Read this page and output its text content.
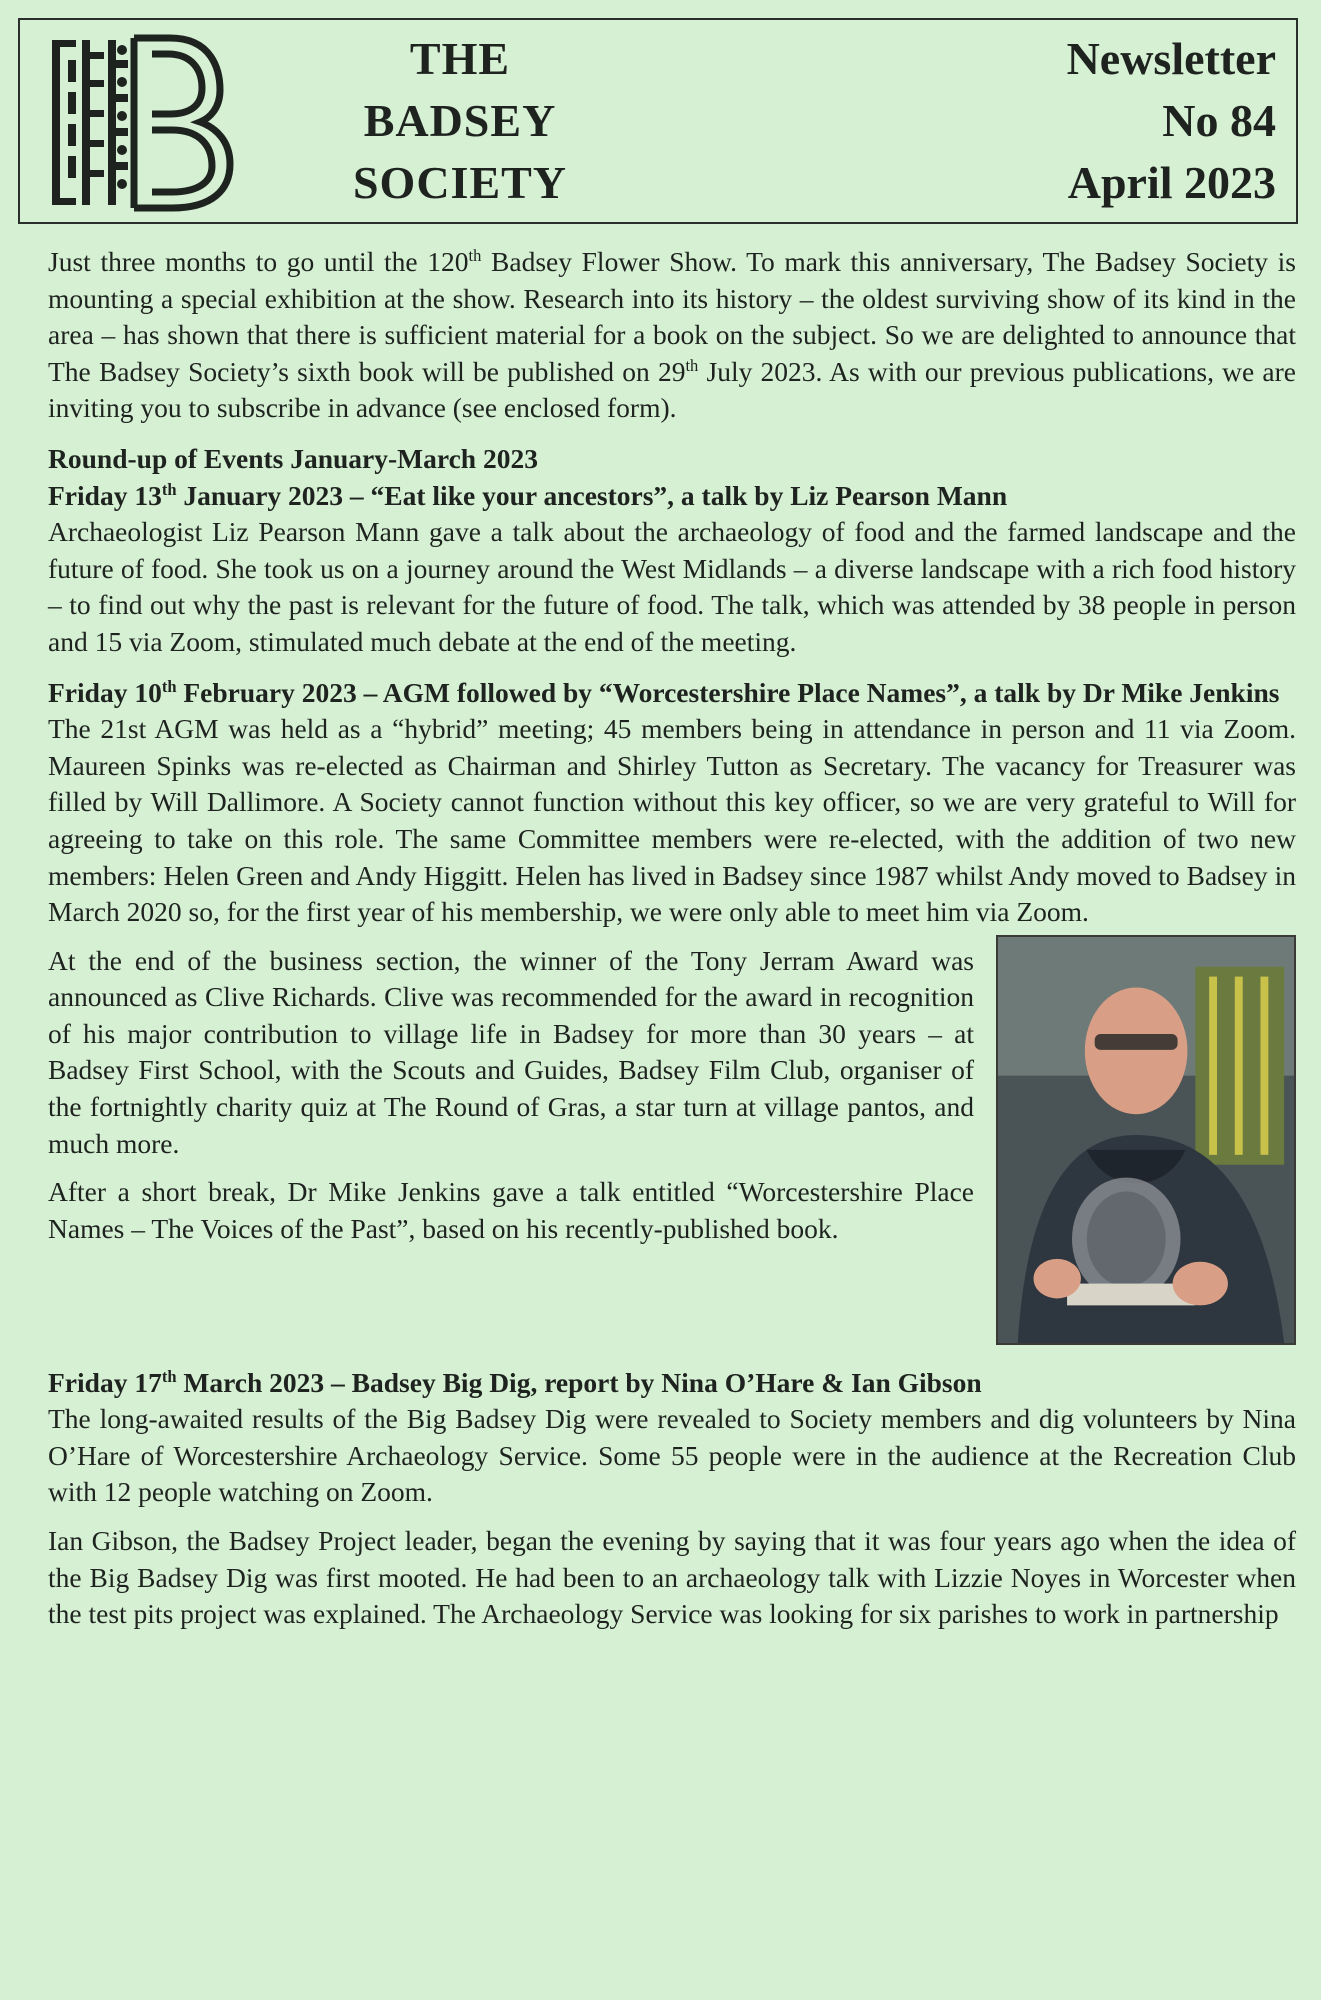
THE
BADSEY
SOCIETY
Newsletter
No 84
April 2023

Just three months to go until the 120th Badsey Flower Show. To mark this anniversary, The Badsey Society is mounting a special exhibition at the show. Research into its history – the oldest surviving show of its kind in the area – has shown that there is sufficient material for a book on the subject. So we are delighted to announce that The Badsey Society’s sixth book will be published on 29th July 2023. As with our previous publications, we are inviting you to subscribe in advance (see enclosed form).

Round-up of Events January-March 2023
Friday 13th January 2023 – “Eat like your ancestors”, a talk by Liz Pearson Mann

Archaeologist Liz Pearson Mann gave a talk about the archaeology of food and the farmed landscape and the future of food. She took us on a journey around the West Midlands – a diverse landscape with a rich food history – to find out why the past is relevant for the future of food. The talk, which was attended by 38 people in person and 15 via Zoom, stimulated much debate at the end of the meeting.

Friday 10th February 2023 – AGM followed by “Worcestershire Place Names”, a talk by Dr Mike Jenkins

The 21st AGM was held as a “hybrid” meeting; 45 members being in attendance in person and 11 via Zoom. Maureen Spinks was re-elected as Chairman and Shirley Tutton as Secretary. The vacancy for Treasurer was filled by Will Dallimore. A Society cannot function without this key officer, so we are very grateful to Will for agreeing to take on this role. The same Committee members were re-elected, with the addition of two new members: Helen Green and Andy Higgitt. Helen has lived in Badsey since 1987 whilst Andy moved to Badsey in March 2020 so, for the first year of his membership, we were only able to meet him via Zoom.

At the end of the business section, the winner of the Tony Jerram Award was announced as Clive Richards. Clive was recommended for the award in recognition of his major contribution to village life in Badsey for more than 30 years – at Badsey First School, with the Scouts and Guides, Badsey Film Club, organiser of the fortnightly charity quiz at The Round of Gras, a star turn at village pantos, and much more.

After a short break, Dr Mike Jenkins gave a talk entitled “Worcestershire Place Names – The Voices of the Past”, based on his recently-published book.

Friday 17th March 2023 – Badsey Big Dig, report by Nina O’Hare & Ian Gibson

The long-awaited results of the Big Badsey Dig were revealed to Society members and dig volunteers by Nina O’Hare of Worcestershire Archaeology Service. Some 55 people were in the audience at the Recreation Club with 12 people watching on Zoom.

Ian Gibson, the Badsey Project leader, began the evening by saying that it was four years ago when the idea of the Big Badsey Dig was first mooted. He had been to an archaeology talk with Lizzie Noyes in Worcester when the test pits project was explained. The Archaeology Service was looking for six parishes to work in partnership
